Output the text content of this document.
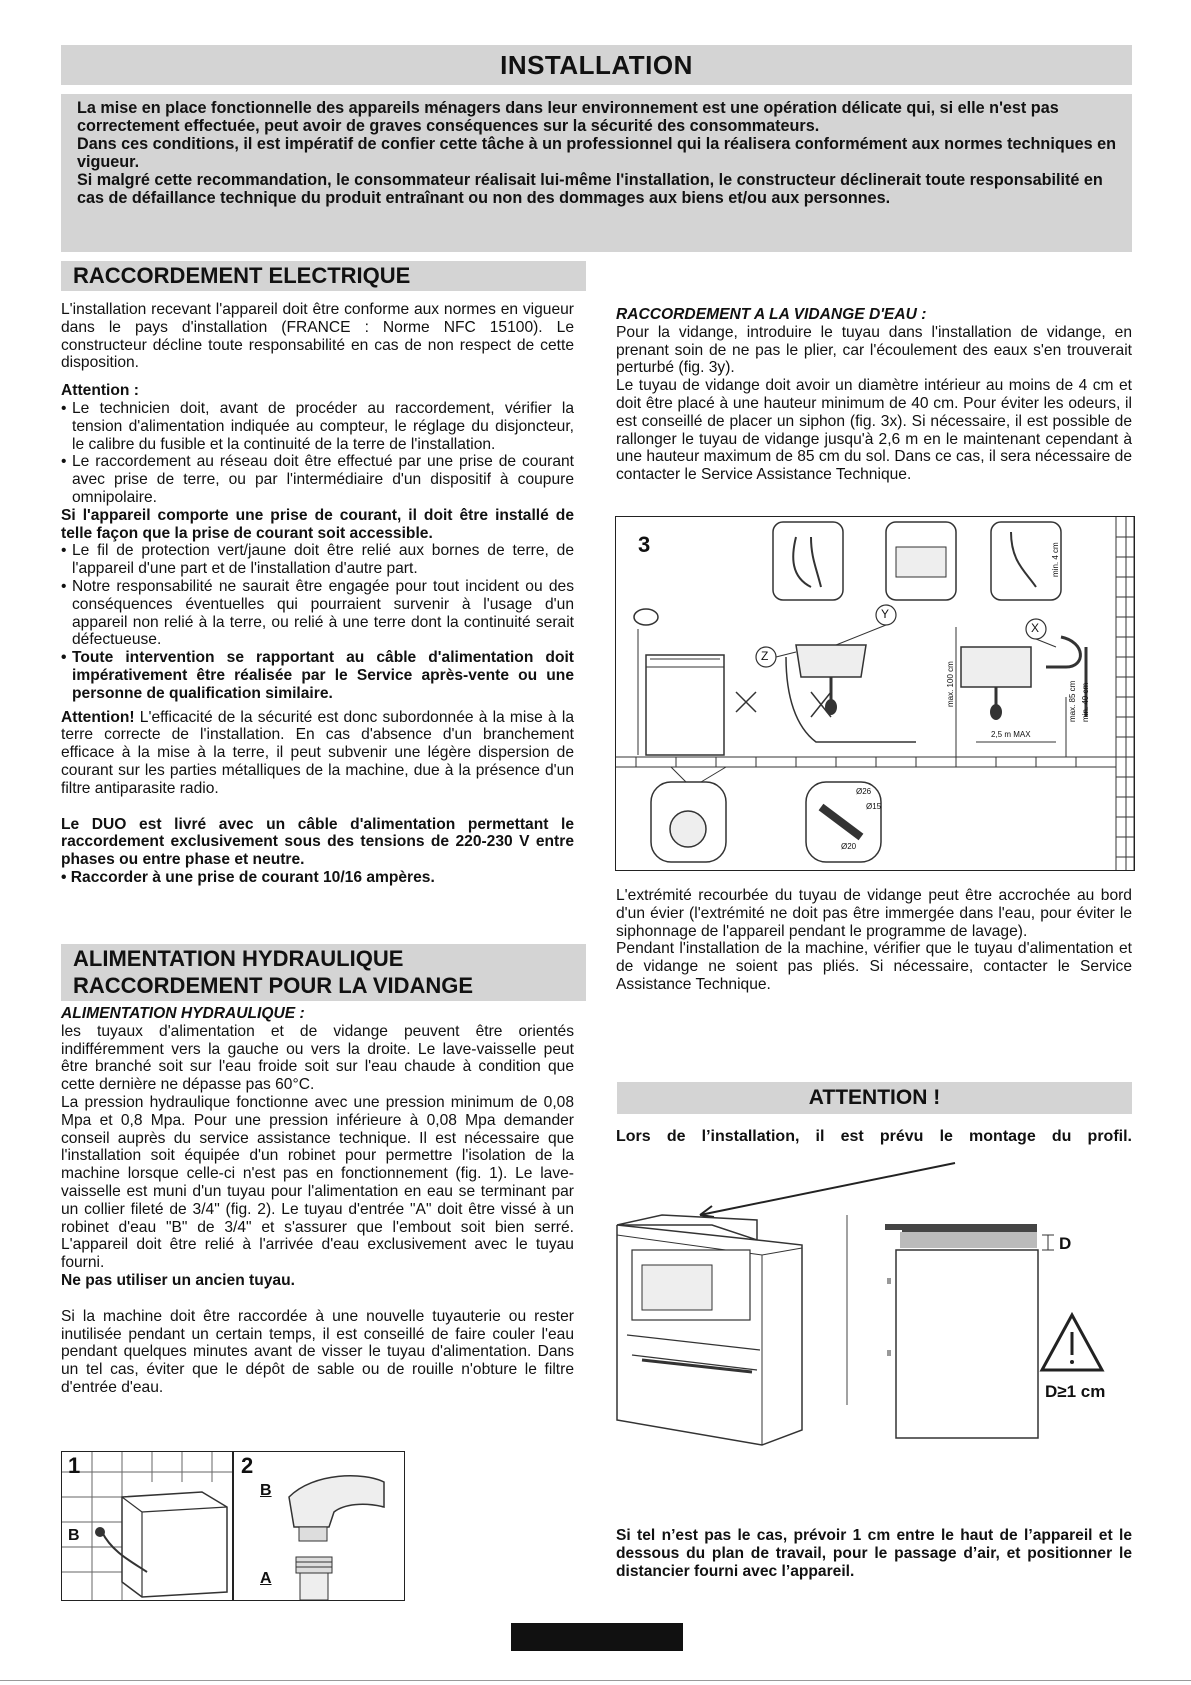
INSTALLATION

La mise en place fonctionnelle des appareils ménagers dans leur environnement est une opération délicate qui, si elle n'est pas correctement effectuée, peut avoir de graves conséquences sur la sécurité des consommateurs.

Dans ces conditions, il est impératif de confier cette tâche à un professionnel qui la réalisera conformément aux normes techniques en vigueur.

Si malgré cette recommandation, le consommateur réalisait lui-même l'installation, le constructeur déclinerait toute responsabilité en cas de défaillance technique du produit entraînant ou non des dommages aux biens et/ou aux personnes.

RACCORDEMENT ELECTRIQUE

L'installation recevant l'appareil doit être conforme aux normes en vigueur dans le pays d'installation (FRANCE : Norme NFC 15100). Le constructeur décline toute responsabilité en cas de non respect de cette disposition.

Attention :

• Le technicien doit, avant de procéder au raccordement, vérifier la tension d'alimentation indiquée au compteur, le réglage du disjoncteur, le calibre du fusible et la continuité de la terre de l'installation.
• Le raccordement au réseau doit être effectué par une prise de courant avec prise de terre, ou par l'intermédiaire d'un dispositif à coupure omnipolaire.

Si l'appareil comporte une prise de courant, il doit être installé de telle façon que la prise de courant soit accessible.

• Le fil de protection vert/jaune doit être relié aux bornes de terre, de l'appareil d'une part et de l'installation d'autre part.
• Notre responsabilité ne saurait être engagée pour tout incident ou des conséquences éventuelles qui pourraient survenir à l'usage d'un appareil non relié à la terre, ou relié à une terre dont la continuité serait défectueuse.
• Toute intervention se rapportant au câble d'alimentation doit impérativement être réalisée par le Service après-vente ou une personne de qualification similaire.

Attention! L'efficacité de la sécurité est donc subordonnée à la mise à la terre correcte de l'installation. En cas d'absence d'un branchement efficace à la mise à la terre, il peut subvenir une légère dispersion de courant sur les parties métalliques de la machine, due à la présence d'un filtre antiparasite radio.

Le DUO est livré avec un câble d'alimentation permettant le raccordement exclusivement sous des tensions de 220-230 V entre phases ou entre phase et neutre.

• Raccorder à une prise de courant 10/16 ampères.

ALIMENTATION HYDRAULIQUE
RACCORDEMENT POUR LA VIDANGE

ALIMENTATION HYDRAULIQUE :

les tuyaux d'alimentation et de vidange peuvent être orientés indifféremment vers la gauche ou vers la droite. Le lave-vaisselle peut être branché soit sur l'eau froide soit sur l'eau chaude à condition que cette dernière ne dépasse pas 60°C.

La pression hydraulique fonctionne avec une pression minimum de 0,08 Mpa et 0,8 Mpa. Pour une pression inférieure à 0,08 Mpa demander conseil auprès du service assistance technique. Il est nécessaire que l'installation soit équipée d'un robinet pour permettre l'isolation de la machine lorsque celle-ci n'est pas en fonctionnement (fig. 1). Le lave-vaisselle est muni d'un tuyau pour l'alimentation en eau se terminant par un collier fileté de 3/4" (fig. 2). Le tuyau d'entrée "A" doit être vissé à un robinet d'eau "B" de 3/4" et s'assurer que l'embout soit bien serré. L'appareil doit être relié à l'arrivée d'eau exclusivement avec le tuyau fourni.

Ne pas utiliser un ancien tuyau.

Si la machine doit être raccordée à une nouvelle tuyauterie ou rester inutilisée pendant un certain temps, il est conseillé de faire couler l'eau pendant quelques minutes avant de visser le tuyau d'alimentation. Dans un tel cas, éviter que le dépôt de sable ou de rouille n'obture le filtre d'entrée d'eau.

1
B
2
B
A

RACCORDEMENT A LA VIDANGE D'EAU :

Pour la vidange, introduire le tuyau dans l'installation de vidange, en prenant soin de ne pas le plier, car l'écoulement des eaux s'en trouverait perturbé (fig. 3y).

Le tuyau de vidange doit avoir un diamètre intérieur au moins de 4 cm et doit être placé à une hauteur minimum de 40 cm. Pour éviter les odeurs, il est conseillé de placer un siphon (fig. 3x). Si nécessaire, il est possible de rallonger le tuyau de vidange jusqu'à 2,6 m en le maintenant cependant à une hauteur maximum de 85 cm du sol. Dans ce cas, il sera nécessaire de contacter le Service Assistance Technique.

3
Y
X
Z
min. 4 cm
max. 100 cm	max. 85 cm min. 40 cm
2,5 m MAX
Ø26
Ø15
Ø20

L'extrémité recourbée du tuyau de vidange peut être accrochée au bord d'un évier (l'extrémité ne doit pas être immergée dans l'eau, pour éviter le siphonnage de l'appareil pendant le programme de lavage).

Pendant l'installation de la machine, vérifier que le tuyau d'alimentation et de vidange ne soient pas pliés. Si nécessaire, contacter le Service Assistance Technique.

ATTENTION !
Lors de l’installation, il est prévu le montage du profil.
D
D≥1 cm
Si tel n’est pas le cas, prévoir 1 cm entre le haut de l’appareil et le dessous du plan de travail, pour le passage d’air, et positionner le distancier fourni avec l’appareil.
